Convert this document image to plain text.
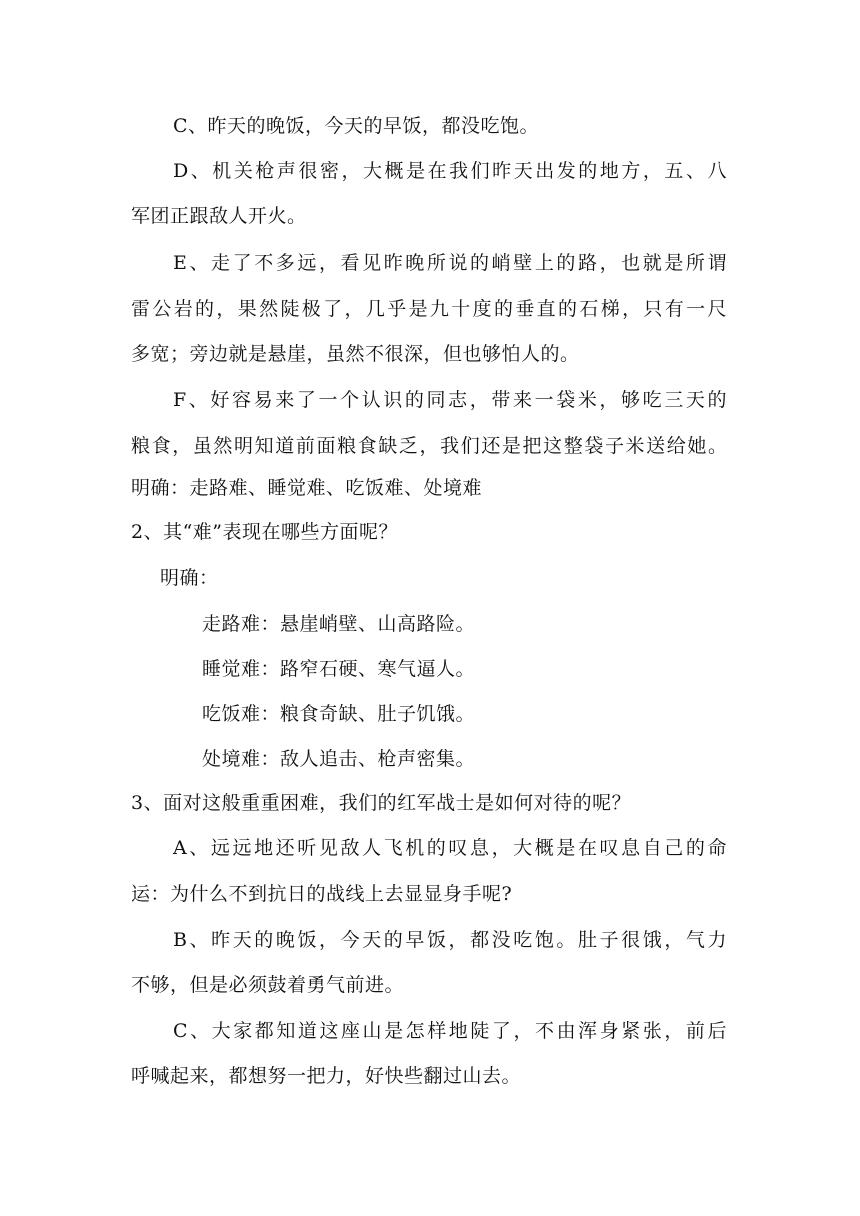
C、昨天的晚饭，今天的早饭，都没吃饱。
D、机关枪声很密，大概是在我们昨天出发的地方，五、八
军团正跟敌人开火。
E、走了不多远，看见昨晚所说的峭壁上的路，也就是所谓
雷公岩的，果然陡极了，几乎是九十度的垂直的石梯，只有一尺
多宽；旁边就是悬崖，虽然不很深，但也够怕人的。
F、好容易来了一个认识的同志，带来一袋米，够吃三天的
粮食，虽然明知道前面粮食缺乏，我们还是把这整袋子米送给她。
明确：走路难、睡觉难、吃饭难、处境难
2、其“难”表现在哪些方面呢？
明确：
走路难：悬崖峭壁、山高路险。
睡觉难：路窄石硬、寒气逼人。
吃饭难：粮食奇缺、肚子饥饿。
处境难：敌人追击、枪声密集。
3、面对这般重重困难，我们的红军战士是如何对待的呢？
A、远远地还听见敌人飞机的叹息，大概是在叹息自己的命
运：为什么不到抗日的战线上去显显身手呢?
B、昨天的晚饭，今天的早饭，都没吃饱。肚子很饿，气力
不够，但是必须鼓着勇气前进。
C、大家都知道这座山是怎样地陡了，不由浑身紧张，前后
呼喊起来，都想努一把力，好快些翻过山去。
